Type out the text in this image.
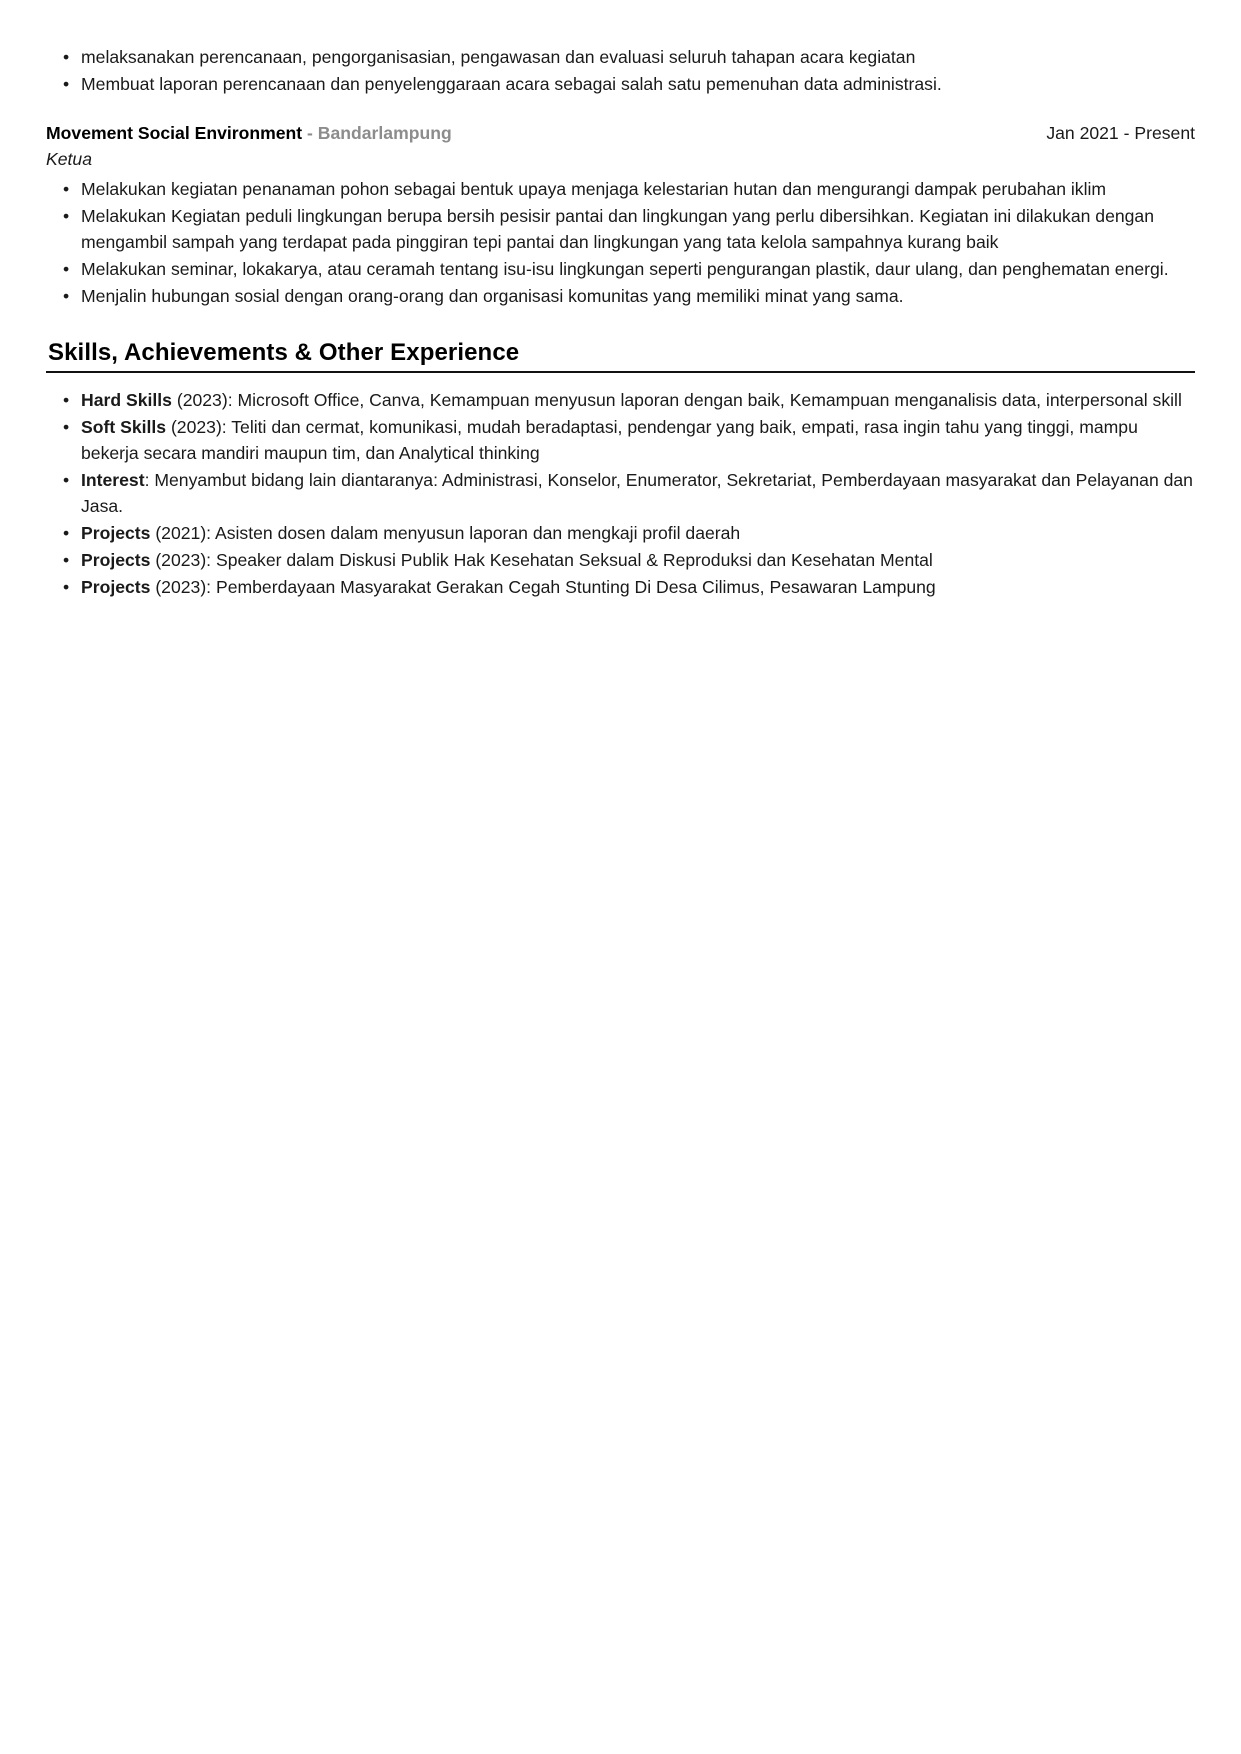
• melaksanakan perencanaan, pengorganisasian, pengawasan dan evaluasi seluruh tahapan acara kegiatan
• Membuat laporan perencanaan dan penyelenggaraan acara sebagai salah satu pemenuhan data administrasi.
Movement Social Environment - Bandarlampung	Jan 2021 - Present
Ketua
• Melakukan kegiatan penanaman pohon sebagai bentuk upaya menjaga kelestarian hutan dan mengurangi dampak perubahan iklim
• Melakukan Kegiatan peduli lingkungan berupa bersih pesisir pantai dan lingkungan yang perlu dibersihkan. Kegiatan ini dilakukan dengan mengambil sampah yang terdapat pada pinggiran tepi pantai dan lingkungan yang tata kelola sampahnya kurang baik
• Melakukan seminar, lokakarya, atau ceramah tentang isu-isu lingkungan seperti pengurangan plastik, daur ulang, dan penghematan energi.
• Menjalin hubungan sosial dengan orang-orang dan organisasi komunitas yang memiliki minat yang sama.
Skills, Achievements & Other Experience
• Hard Skills (2023): Microsoft Office, Canva, Kemampuan menyusun laporan dengan baik, Kemampuan menganalisis data, interpersonal skill
• Soft Skills (2023): Teliti dan cermat, komunikasi, mudah beradaptasi, pendengar yang baik, empati, rasa ingin tahu yang tinggi, mampu bekerja secara mandiri maupun tim, dan Analytical thinking
• Interest: Menyambut bidang lain diantaranya: Administrasi, Konselor, Enumerator, Sekretariat, Pemberdayaan masyarakat dan Pelayanan dan Jasa.
• Projects (2021): Asisten dosen dalam menyusun laporan dan mengkaji profil daerah
• Projects (2023): Speaker dalam Diskusi Publik Hak Kesehatan Seksual & Reproduksi dan Kesehatan Mental
• Projects (2023): Pemberdayaan Masyarakat Gerakan Cegah Stunting Di Desa Cilimus, Pesawaran Lampung
